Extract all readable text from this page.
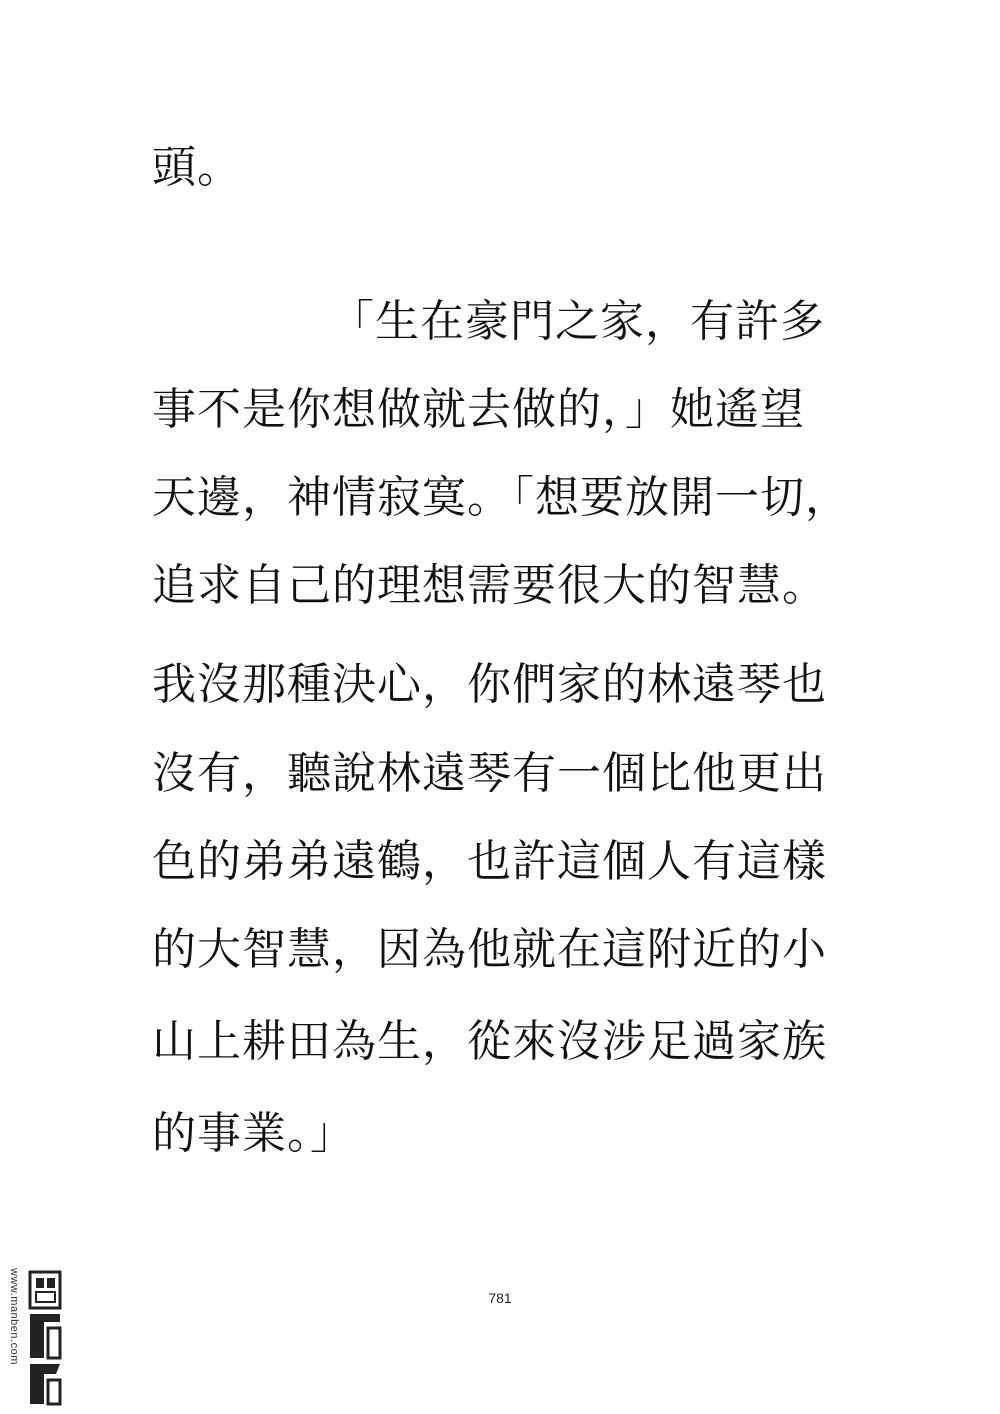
頭。
「生在豪門之家，有許多
事不是你想做就去做的，」她遙望
天邊，神情寂寞。「想要放開一切，
追求自己的理想需要很大的智慧。
我沒那種決心，你們家的林遠琴也
沒有，聽說林遠琴有一個比他更出
色的弟弟遠鶴，也許這個人有這樣
的大智慧，因為他就在這附近的小
山上耕田為生，從來沒涉足過家族
的事業。」
781
www.manben.com
